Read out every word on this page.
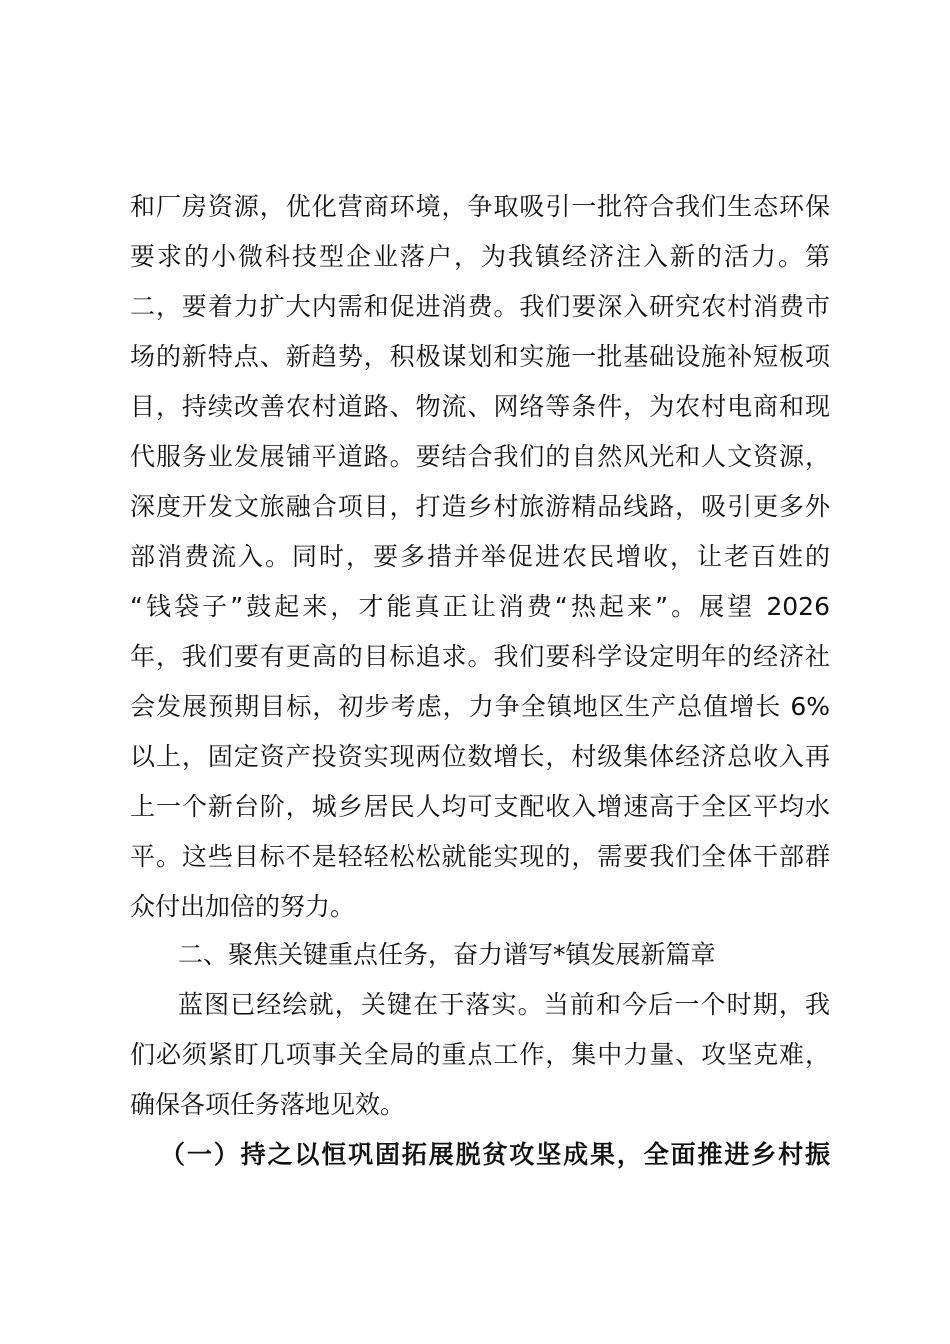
和厂房资源，优化营商环境，争取吸引一批符合我们生态环保
要求的小微科技型企业落户，为我镇经济注入新的活力。第
二，要着力扩大内需和促进消费。我们要深入研究农村消费市
场的新特点、新趋势，积极谋划和实施一批基础设施补短板项
目，持续改善农村道路、物流、网络等条件，为农村电商和现
代服务业发展铺平道路。要结合我们的自然风光和人文资源，
深度开发文旅融合项目，打造乡村旅游精品线路，吸引更多外
部消费流入。同时，要多措并举促进农民增收，让老百姓的
“钱袋子”鼓起来，才能真正让消费“热起来”。展望 2026
年，我们要有更高的目标追求。我们要科学设定明年的经济社
会发展预期目标，初步考虑，力争全镇地区生产总值增长 6%
以上，固定资产投资实现两位数增长，村级集体经济总收入再
上一个新台阶，城乡居民人均可支配收入增速高于全区平均水
平。这些目标不是轻轻松松就能实现的，需要我们全体干部群
众付出加倍的努力。
二、聚焦关键重点任务，奋力谱写*镇发展新篇章
蓝图已经绘就，关键在于落实。当前和今后一个时期，我
们必须紧盯几项事关全局的重点工作，集中力量、攻坚克难，
确保各项任务落地见效。
（一）持之以恒巩固拓展脱贫攻坚成果，全面推进乡村振
